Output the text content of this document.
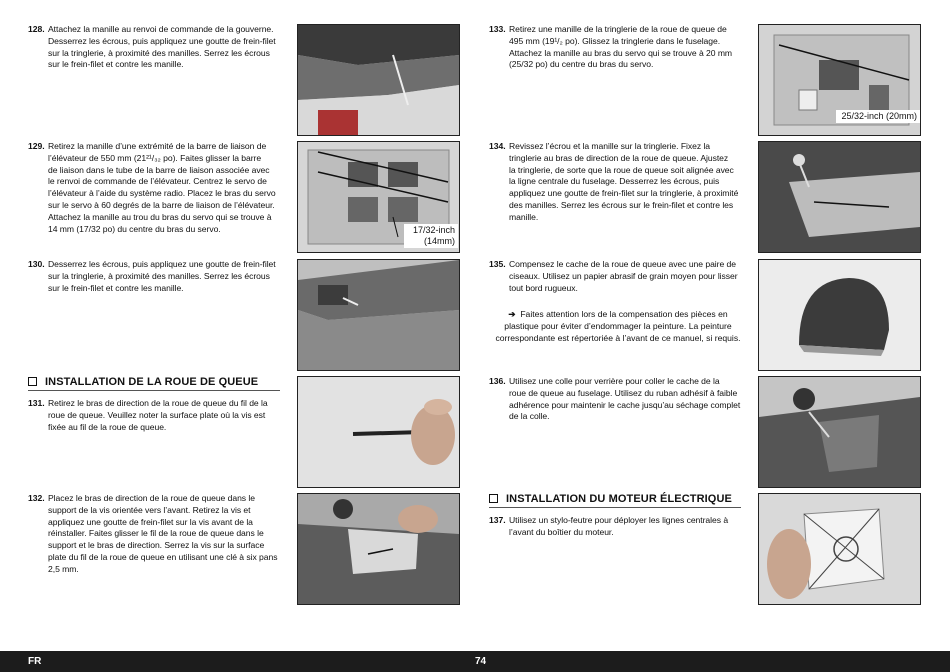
128. Attachez la manille au renvoi de commande de la gouverne.
Desserrez les écrous, puis appliquez une goutte de frein-filet
sur la tringlerie, à proximité des manilles. Serrez les écrous
sur le frein-filet et contre les manille.
129. Retirez la manille d’une extrémité de la barre de liaison de
l’élévateur de 550 mm (21²¹/₃₂ po). Faites glisser la barre
de liaison dans le tube de la barre de liaison associée avec
le renvoi de commande de l’élévateur. Centrez le servo de
l’élévateur à l’aide du système radio. Placez le bras du servo
sur le servo à 60 degrés de la barre de liaison de l’élévateur.
Attachez la manille au trou du bras du servo qui se trouve à
14 mm (17/32 po) du centre du bras du servo.
130. Desserrez les écrous, puis appliquez une goutte de frein-filet
sur la tringlerie, à proximité des manilles. Serrez les écrous
sur le frein-filet et contre les manille.
INSTALLATION DE LA ROUE DE QUEUE
131. Retirez le bras de direction de la roue de queue du fil de la
roue de queue. Veuillez noter la surface plate où la vis est
fixée au fil de la roue de queue.
132. Placez le bras de direction de la roue de queue dans le
support de la vis orientée vers l’avant. Retirez la vis et
appliquez une goutte de frein-filet sur la vis avant de la
réinstaller. Faites glisser le fil de la roue de queue dans le
support et le bras de direction. Serrez la vis sur la surface
plate du fil de la roue de queue en utilisant une clé à six pans
2,5 mm.
133. Retirez une manille de la tringlerie de la roue de queue de
495 mm (19¹/₂ po). Glissez la tringlerie dans le fuselage.
Attachez la manille au bras du servo qui se trouve à 20 mm
(25/32 po) du centre du bras du servo.
134. Revissez l’écrou et la manille sur la tringlerie. Fixez la
tringlerie au bras de direction de la roue de queue. Ajustez
la tringlerie, de sorte que la roue de queue soit alignée avec
la ligne centrale du fuselage. Desserrez les écrous, puis
appliquez une goutte de frein-filet sur la tringlerie, à proximité
des manilles. Serrez les écrous sur le frein-filet et contre les
manille.
135. Compensez le cache de la roue de queue avec une paire de
ciseaux. Utilisez un papier abrasif de grain moyen pour lisser
tout bord rugueux.
➔ Faites attention lors de la compensation des pièces en
plastique pour éviter d’endommager la peinture. La peinture
correspondante est répertoriée à l’avant de ce manuel, si requis.
136. Utilisez une colle pour verrière pour coller le cache de la
roue de queue au fuselage. Utilisez du ruban adhésif à faible
adhérence pour maintenir le cache jusqu’au séchage complet
de la colle.
INSTALLATION DU MOTEUR ÉLECTRIQUE
137. Utilisez un stylo-feutre pour déployer les lignes centrales à
l’avant du boîtier du moteur.
17/32-inch
(14mm)
25/32-inch (20mm)
FR	74
